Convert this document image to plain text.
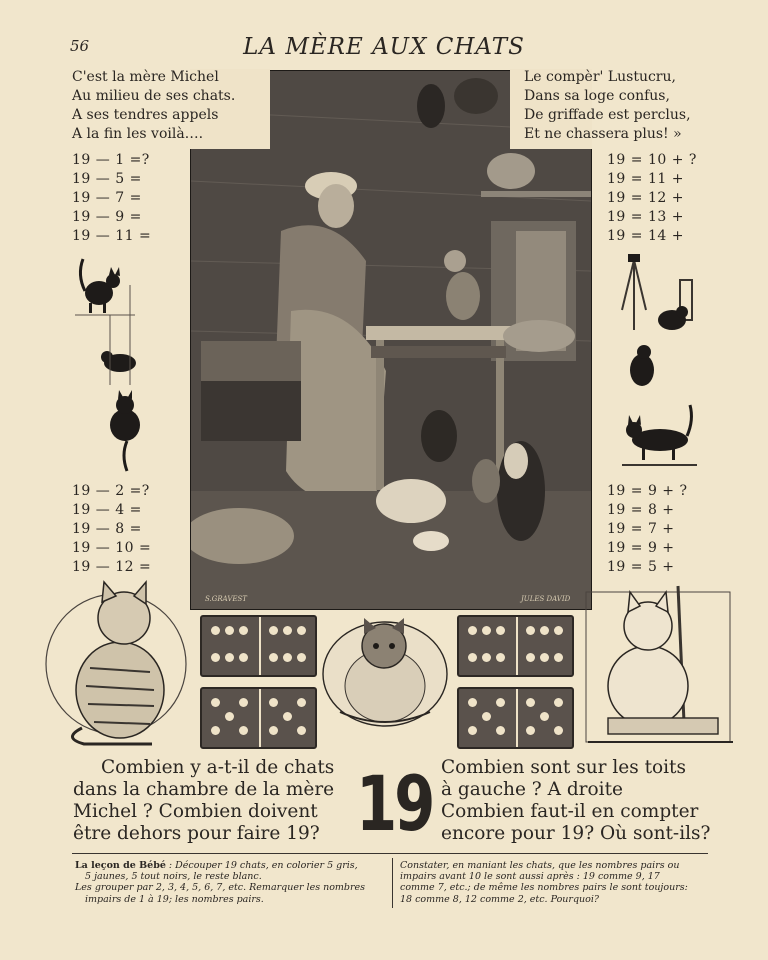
56	LA MÈRE AUX CHATS
S.GRAVEST	JULES DAVID
C'est la mère Michel
Au milieu de ses chats.
A ses tendres appels
A la fin les voilà….
Le compèr' Lustucru,
Dans sa loge confus,
De griffade est perclus,
Et ne chassera plus! »
19 — 1 =?
19 — 5 =
19 — 7 =
19 — 9 =
19 — 11 =
19 = 10 + ?
19 = 11 +
19 = 12 +
19 = 13 +
19 = 14 +
19 — 2 =?
19 — 4 =
19 — 8 =
19 — 10 =
19 — 12 =
19 = 9 + ?
19 = 8 +
19 = 7 +
19 = 9 +
19 = 5 +
Combien y a-t-il de chats
dans la chambre de la mère
Michel ? Combien doivent
être dehors pour faire 19? 19 Combien sont sur les toits
à gauche ? A droite
Combien faut-il en compter
encore pour 19? Où sont-ils?
La leçon de Bébé : Découper 19 chats, en colorier 5 gris,
5 jaunes, 5 tout noirs, le reste blanc.
Les grouper par 2, 3, 4, 5, 6, 7, etc. Remarquer les nombres
impairs de 1 à 19; les nombres pairs.
Constater, en maniant les chats, que les nombres pairs ou
impairs avant 10 le sont aussi après : 19 comme 9, 17
comme 7, etc.; de même les nombres pairs le sont toujours:
18 comme 8, 12 comme 2, etc. Pourquoi?
